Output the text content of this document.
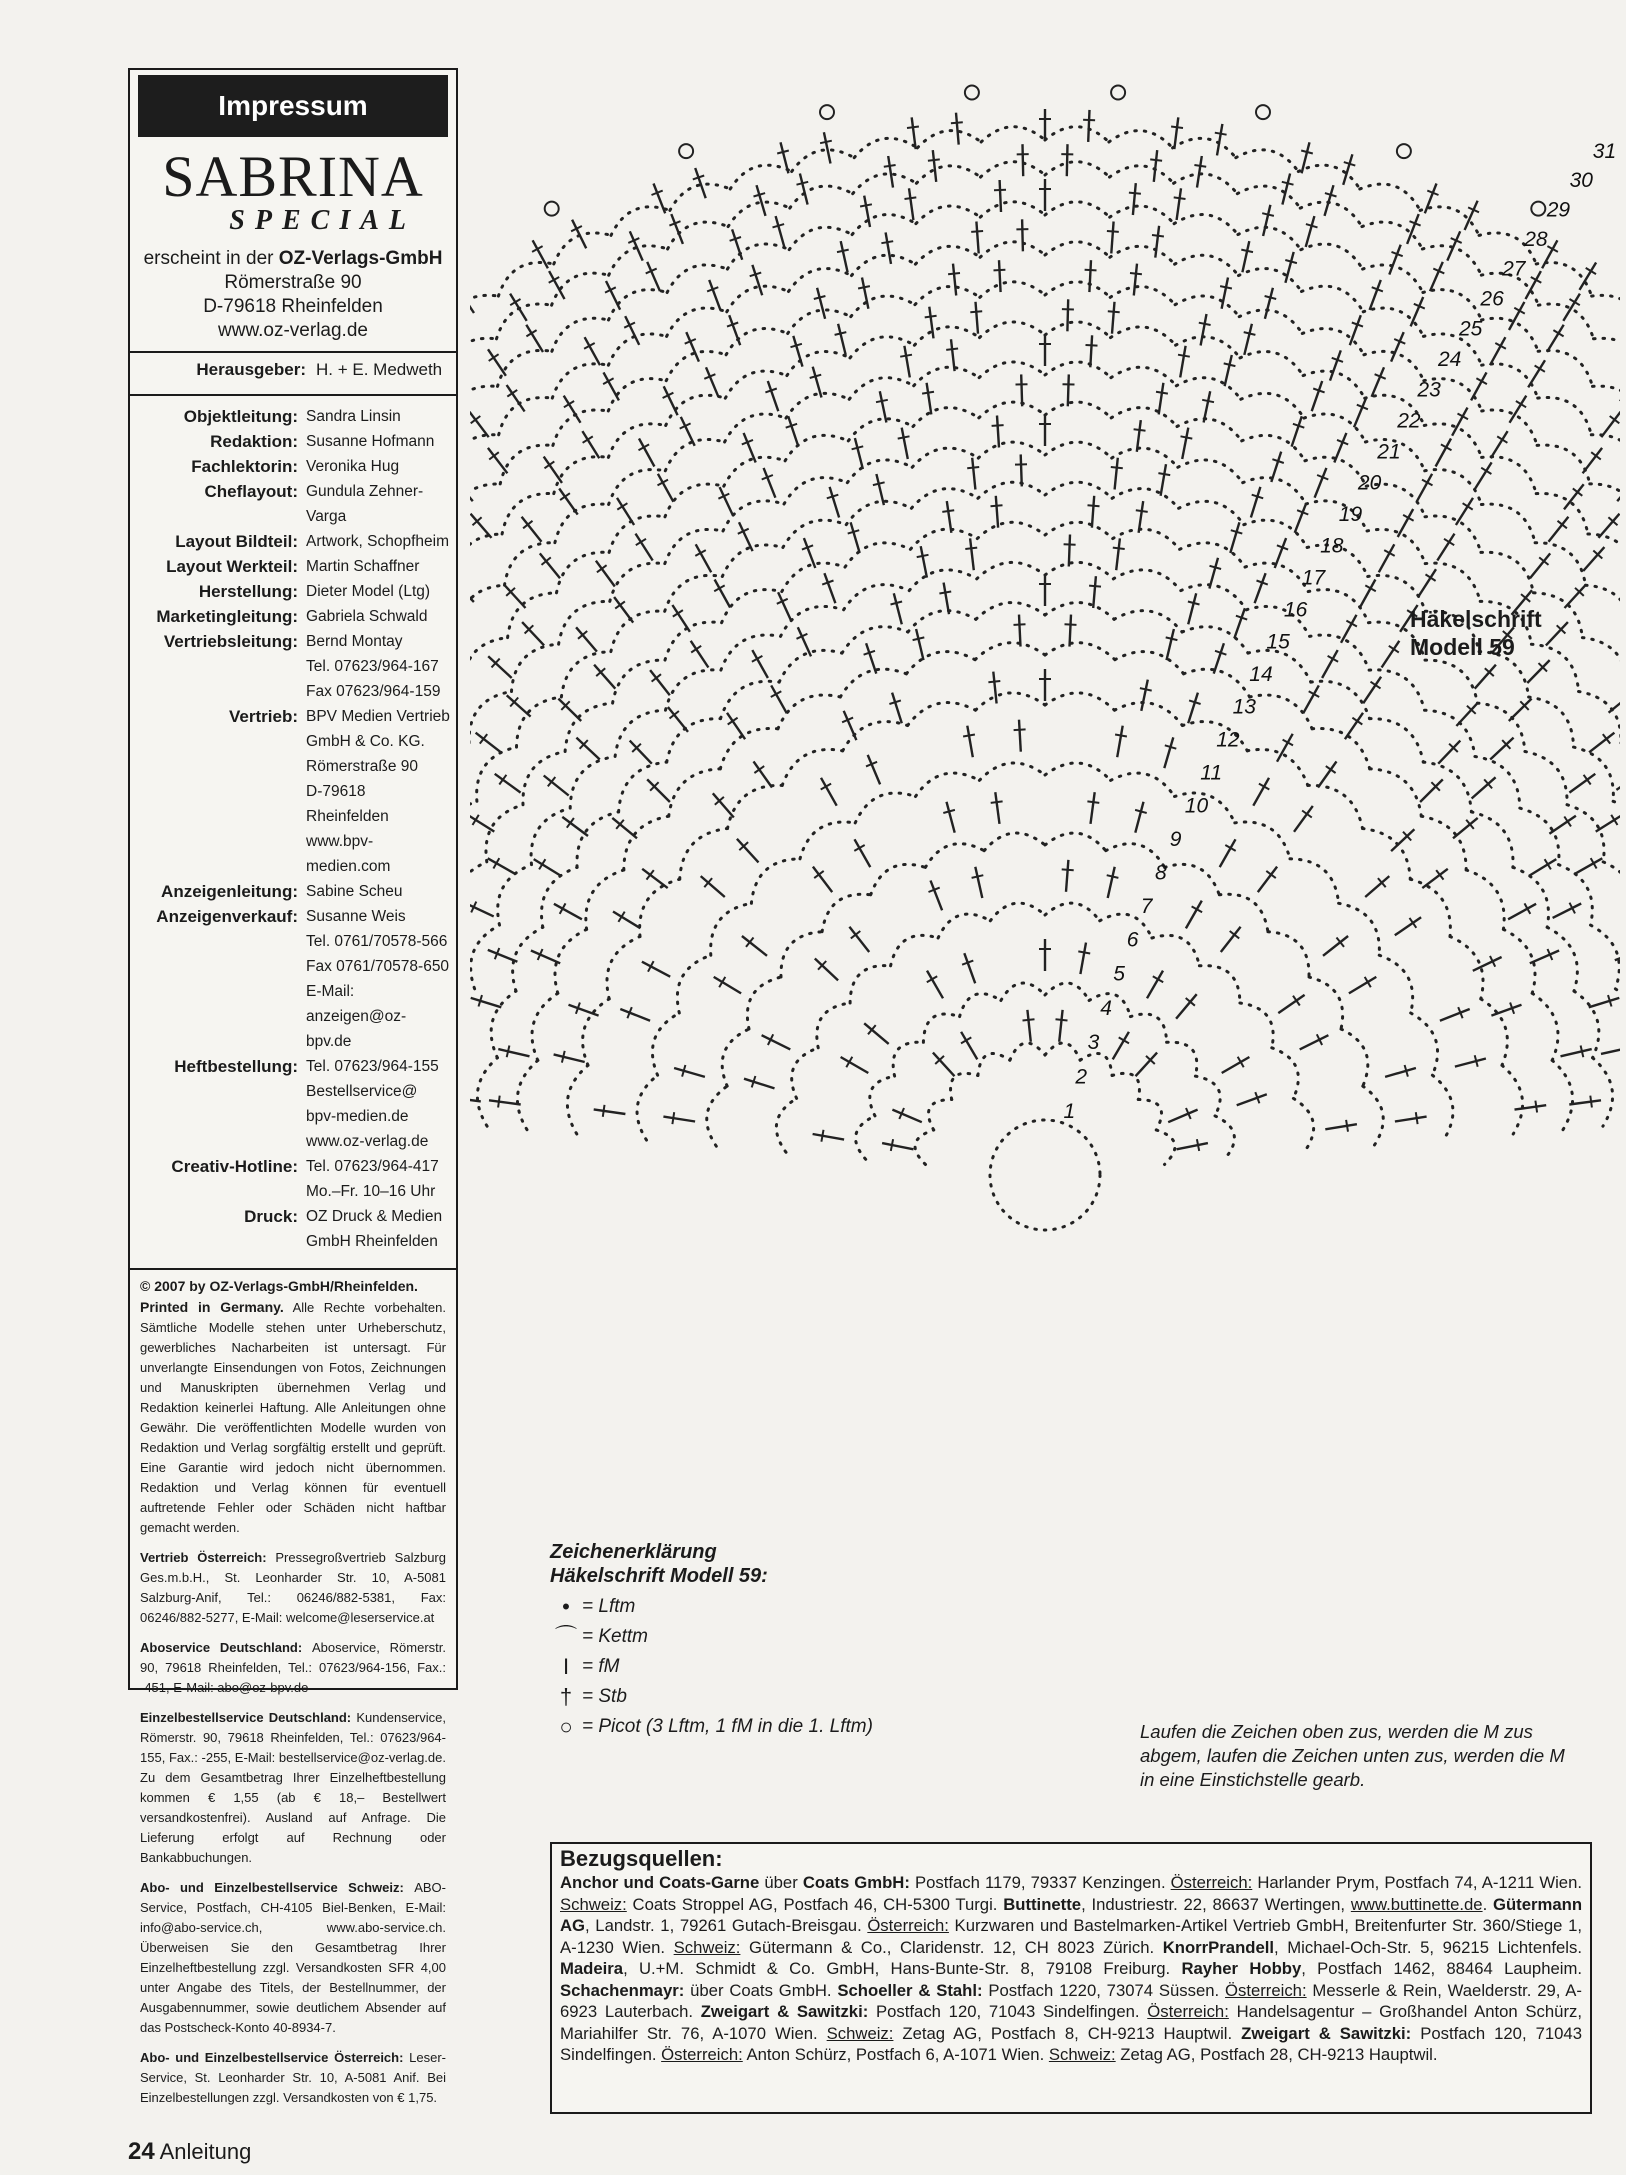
Impressum
SABRINA
SPECIAL
erscheint in der OZ-Verlags-GmbH
Römerstraße 90
D-79618 Rheinfelden
www.oz-verlag.de
Herausgeber: H. + E. Medweth
Objektleitung: Sandra Linsin
Redaktion: Susanne Hofmann
Fachlektorin: Veronika Hug
Cheflayout: Gundula Zehner-Varga
Layout Bildteil: Artwork, Schopfheim
Layout Werkteil: Martin Schaffner
Herstellung: Dieter Model (Ltg)
Marketingleitung: Gabriela Schwald
Vertriebsleitung: Bernd Montay
Tel. 07623/964-167
Fax 07623/964-159
Vertrieb: BPV Medien Vertrieb
GmbH & Co. KG.
Römerstraße 90
D-79618 Rheinfelden
www.bpv-medien.com
Anzeigenleitung: Sabine Scheu
Anzeigenverkauf: Susanne Weis
Tel. 0761/70578-566
Fax 0761/70578-650
E-Mail:
anzeigen@oz-bpv.de
Heftbestellung: Tel. 07623/964-155
Bestellservice@
bpv-medien.de
www.oz-verlag.de
Creativ-Hotline: Tel. 07623/964-417
Mo.–Fr. 10–16 Uhr
Druck: OZ Druck & Medien
GmbH Rheinfelden

© 2007 by OZ-Verlags-GmbH/Rheinfelden.
Printed in Germany. Alle Rechte vorbehalten. Sämtliche Modelle stehen unter Urheberschutz, gewerbliches Nacharbeiten ist untersagt. Für unverlangte Einsendungen von Fotos, Zeichnungen und Manuskripten übernehmen Verlag und Redaktion keinerlei Haftung. Alle Anleitungen ohne Gewähr. Die veröffentlichten Modelle wurden von Redaktion und Verlag sorgfältig erstellt und geprüft. Eine Garantie wird jedoch nicht übernommen. Redaktion und Verlag können für eventuell auftretende Fehler oder Schäden nicht haftbar gemacht werden.

Vertrieb Österreich: Pressegroßvertrieb Salzburg Ges.m.b.H., St. Leonharder Str. 10, A-5081 Salzburg-Anif, Tel.: 06246/882-5381, Fax: 06246/882-5277, E-Mail: welcome@leserservice.at

Aboservice Deutschland: Aboservice, Römerstr. 90, 79618 Rheinfelden, Tel.: 07623/964-156, Fax.: -451, E-Mail: abo@oz-bpv.de

Einzelbestellservice Deutschland: Kundenservice, Römerstr. 90, 79618 Rheinfelden, Tel.: 07623/964-155, Fax.: -255, E-Mail: bestellservice@oz-verlag.de. Zu dem Gesamtbetrag Ihrer Einzelheftbestellung kommen € 1,55 (ab € 18,– Bestellwert versandkostenfrei). Ausland auf Anfrage. Die Lieferung erfolgt auf Rechnung oder Bankabbuchungen.

Abo- und Einzelbestellservice Schweiz: ABO-Service, Postfach, CH-4105 Biel-Benken, E-Mail: info@abo-service.ch, www.abo-service.ch. Überweisen Sie den Gesamtbetrag Ihrer Einzelheftbestellung zzgl. Versandkosten SFR 4,00 unter Angabe des Titels, der Bestellnummer, der Ausgabennummer, sowie deutlichem Absender auf das Postscheck-Konto 40-8934-7.

Abo- und Einzelbestellservice Österreich: Leser-Service, St. Leonharder Str. 10, A-5081 Anif. Bei Einzelbestellungen zzgl. Versandkosten von € 1,75.

1
2
3
4
5
6
7
8
9
10
11
12
13
14
15
16
17
18
19
20
21
22
23
24
25
26
27
28
29
30
31
Häkelschrift
Modell 59
Zeichenerklärung
Häkelschrift Modell 59:
• = Lftm
⌒ = Kettm
I = fM
† = Stb
○ = Picot (3 Lftm, 1 fM in die 1. Lftm)	Laufen die Zeichen oben zus, werden die M zus abgem, laufen die Zeichen unten zus, werden die M in eine Einstichstelle gearb.
Bezugsquellen:
Anchor und Coats-Garne über Coats GmbH: Postfach 1179, 79337 Kenzingen. Österreich: Harlander Prym, Postfach 74, A-1211 Wien. Schweiz: Coats Stroppel AG, Postfach 46, CH-5300 Turgi. Buttinette, Industriestr. 22, 86637 Wertingen, www.buttinette.de. Gütermann AG, Landstr. 1, 79261 Gutach-Breisgau. Österreich: Kurzwaren und Bastelmarken-Artikel Vertrieb GmbH, Breitenfurter Str. 360/Stiege 1, A-1230 Wien. Schweiz: Gütermann & Co., Claridenstr. 12, CH 8023 Zürich. KnorrPrandell, Michael-Och-Str. 5, 96215 Lichtenfels. Madeira, U.+M. Schmidt & Co. GmbH, Hans-Bunte-Str. 8, 79108 Freiburg. Rayher Hobby, Postfach 1462, 88464 Laupheim. Schachenmayr: über Coats GmbH. Schoeller & Stahl: Postfach 1220, 73074 Süssen. Österreich: Messerle & Rein, Waelderstr. 29, A-6923 Lauterbach. Zweigart & Sawitzki: Postfach 120, 71043 Sindelfingen. Österreich: Handelsagentur – Großhandel Anton Schürz, Mariahilfer Str. 76, A-1070 Wien. Schweiz: Zetag AG, Postfach 8, CH-9213 Hauptwil. Zweigart & Sawitzki: Postfach 120, 71043 Sindelfingen. Österreich: Anton Schürz, Postfach 6, A-1071 Wien. Schweiz: Zetag AG, Postfach 28, CH-9213 Hauptwil.
24 Anleitung
